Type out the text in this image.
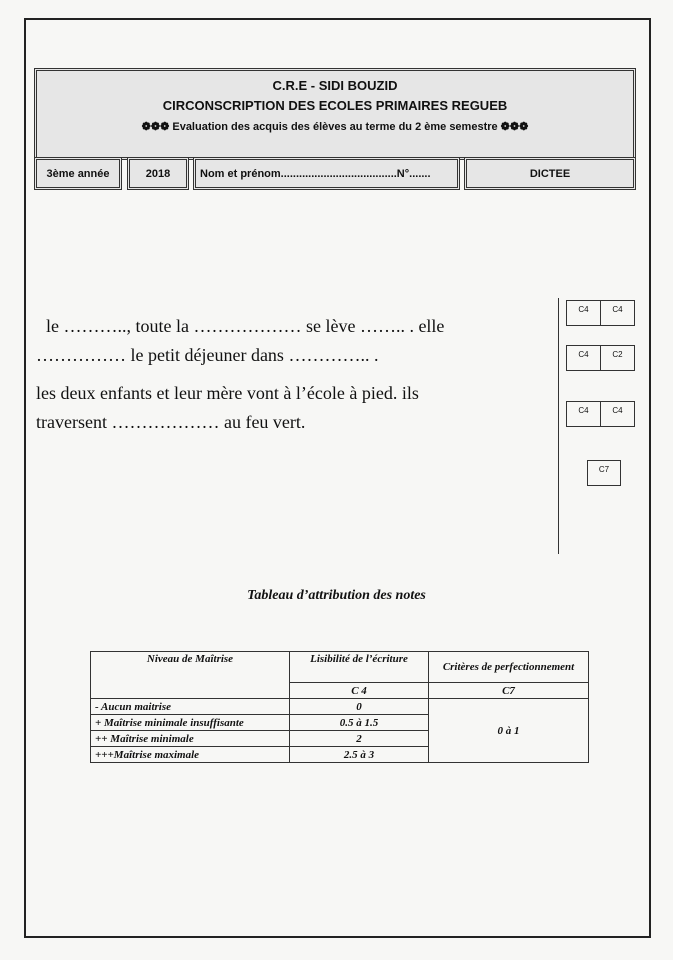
C.R.E - SIDI BOUZID
CIRCONSCRIPTION DES ECOLES PRIMAIRES REGUEB
❁❁❁ Evaluation des acquis des élèves au terme du 2 ème semestre ❁❁❁
3ème année	2018	Nom et prénom......................................N°.......	DICTEE
le ……….., toute la ……………… se lève …….. . elle
…………… le petit déjeuner dans ………….. .
les deux enfants et leur mère vont à l’école à pied. ils
traversent ……………… au feu vert.
C4	C4
C4	C2
C4	C4
C7
Tableau d’attribution des notes
Niveau de Maîtrise	Lisibilité de l’écriture	Critères de perfectionnement
	C 4	C7
- Aucun maitrise	0	0 à 1
+ Maîtrise minimale insuffisante	0.5 à 1.5	
++ Maîtrise minimale	2	
+++Maîtrise maximale	2.5 à 3	
